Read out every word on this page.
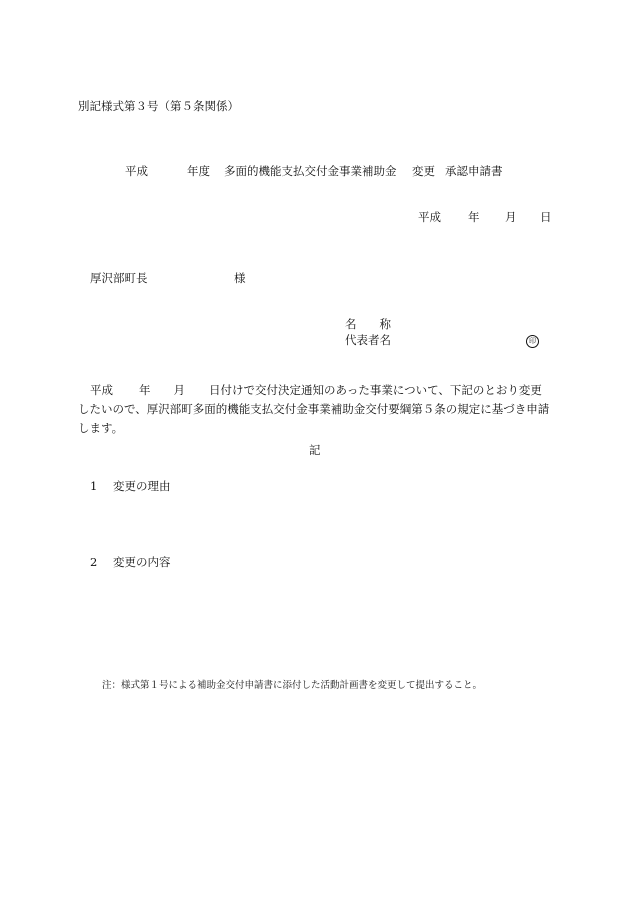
別記様式第３号（第５条関係）
平成	年度 多面的機能支払交付金事業補助金 変更 承認申請書
平成 年 月 日
厚沢部町長	様
名　　称
代表者名	印
平成 年 月 日付けで交付決定通知のあった事業について、下記のとおり変更したいので、厚沢部町多面的機能支払交付金事業補助金交付要綱第５条の規定に基づき申請します。
記
1 変更の理由
2 変更の内容
注：様式第１号による補助金交付申請書に添付した活動計画書を変更して提出すること。
